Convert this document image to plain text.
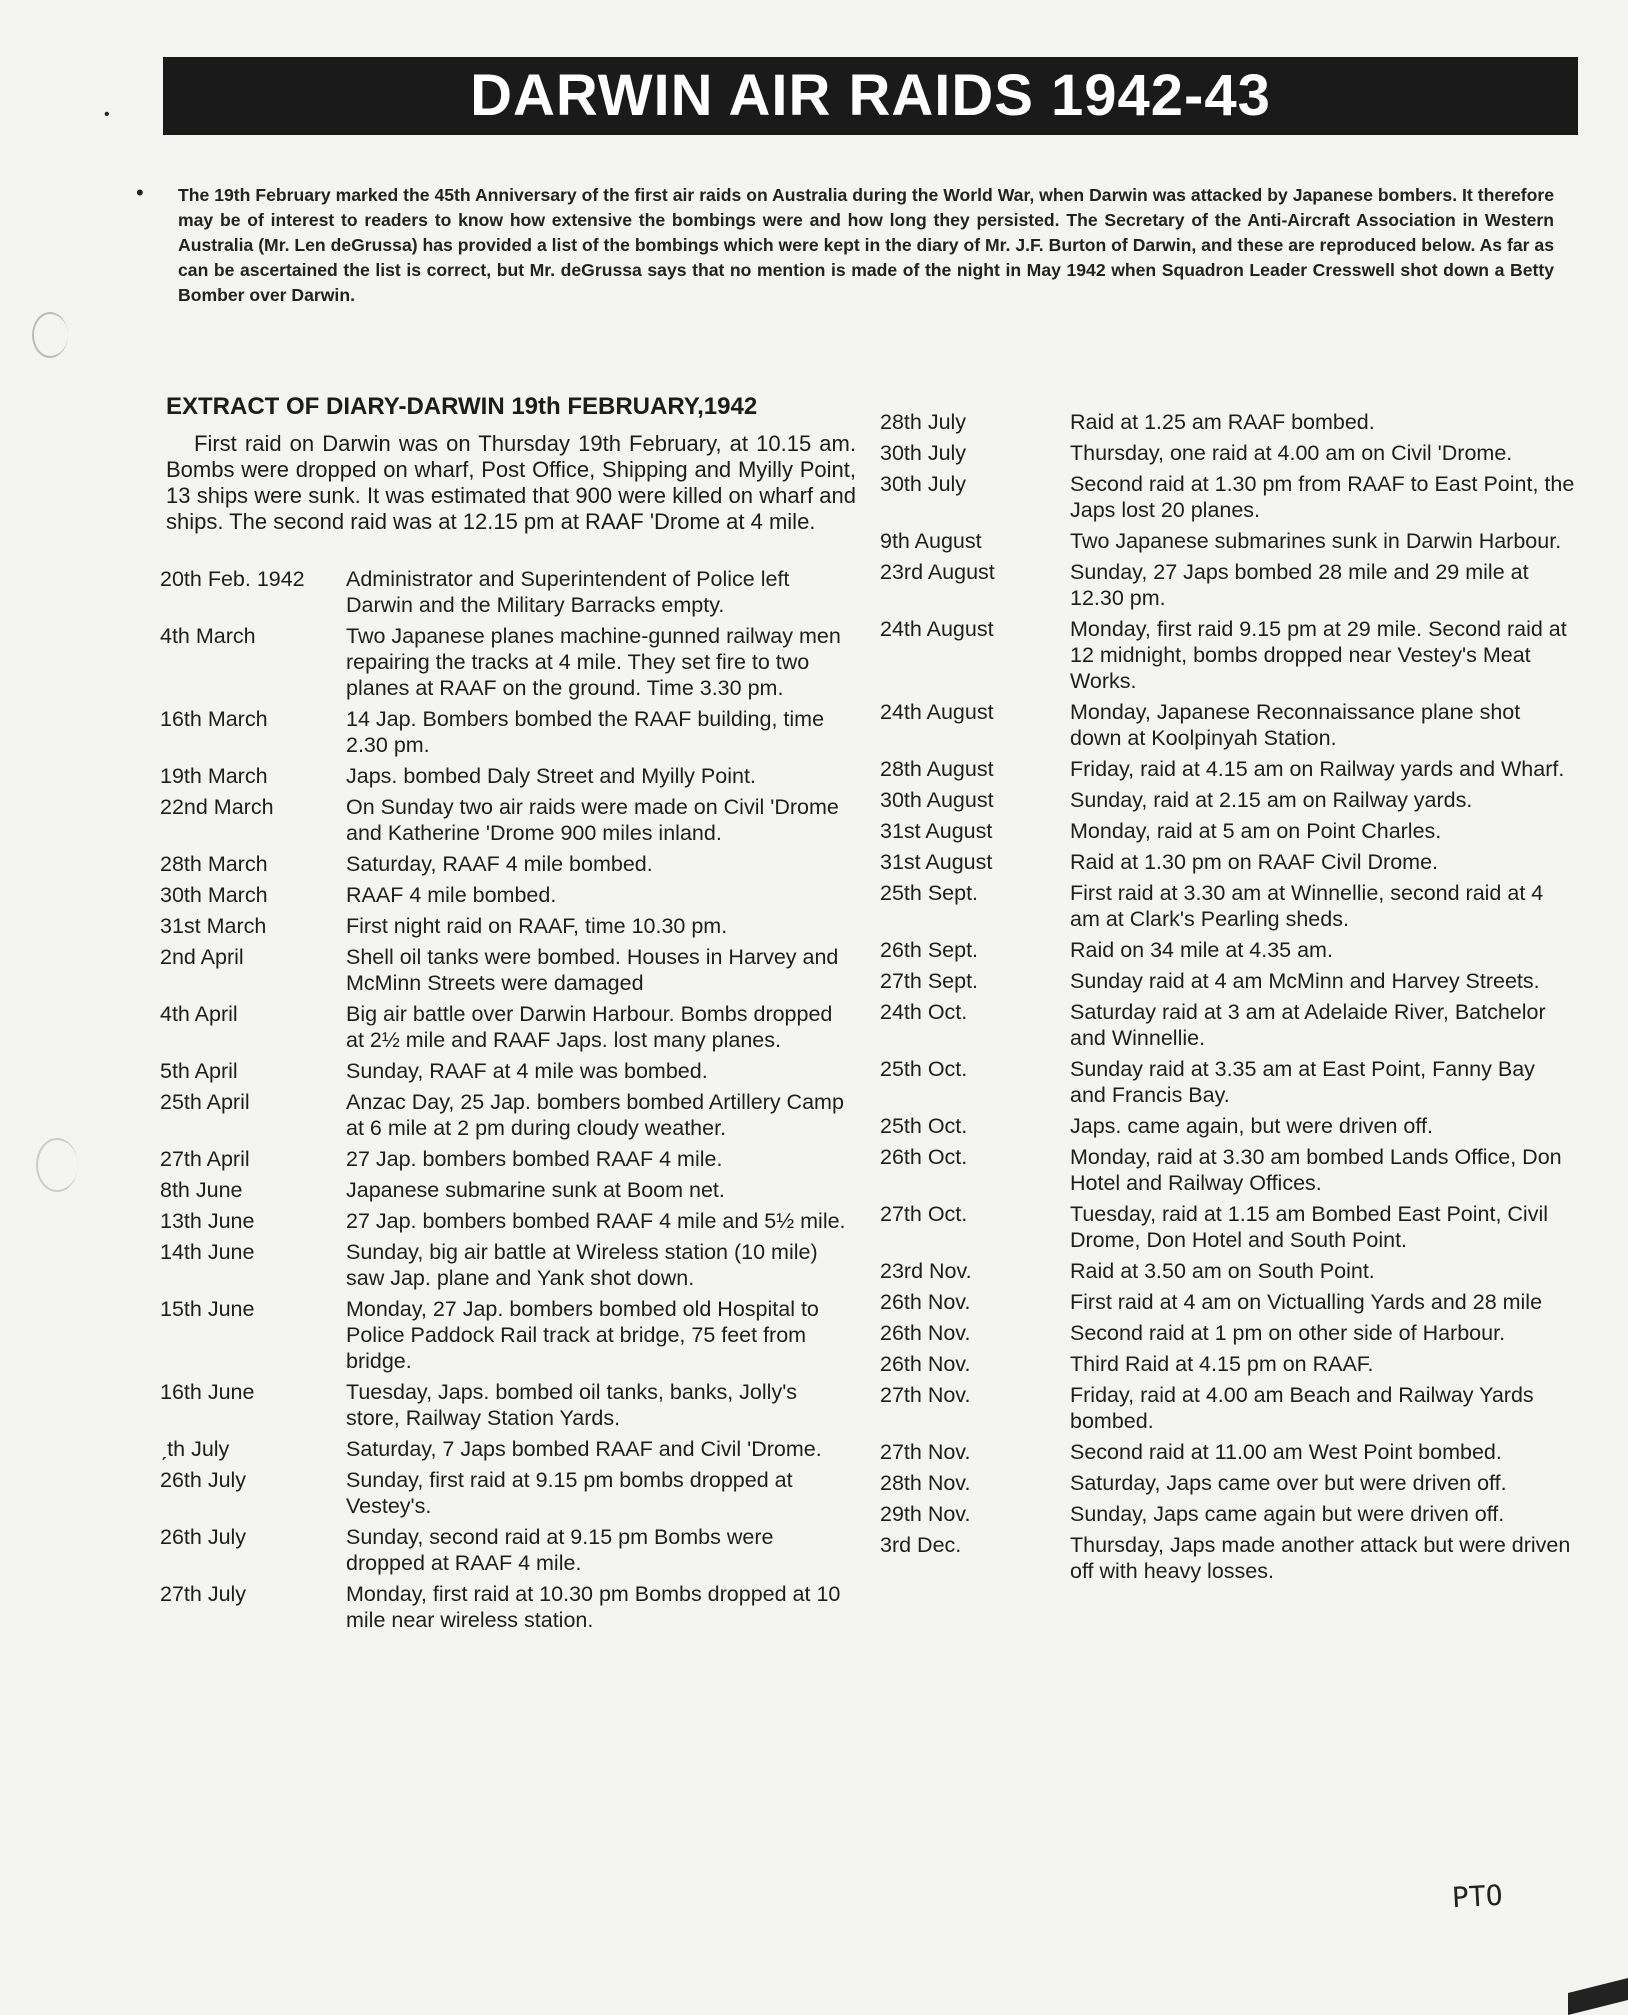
DARWIN AIR RAIDS 1942-43
•
•

The 19th February marked the 45th Anniversary of the first air raids on Australia during the World War, when Darwin was attacked by Japanese bombers. It therefore may be of interest to readers to know how extensive the bombings were and how long they persisted. The Secretary of the Anti-Aircraft Association in Western Australia (Mr. Len deGrussa) has provided a list of the bombings which were kept in the diary of Mr. J.F. Burton of Darwin, and these are reproduced below. As far as can be ascertained the list is correct, but Mr. deGrussa says that no mention is made of the night in May 1942 when Squadron Leader Cresswell shot down a Betty Bomber over Darwin.

EXTRACT OF DIARY-DARWIN 19th FEBRUARY,1942

First raid on Darwin was on Thursday 19th February, at 10.15 am. Bombs were dropped on wharf, Post Office, Shipping and Myilly Point, 13 ships were sunk. It was estimated that 900 were killed on wharf and ships. The second raid was at 12.15 pm at RAAF 'Drome at 4 mile.

20th Feb. 1942	Administrator and Superintendent of Police left Darwin and the Military Barracks empty.
4th March	Two Japanese planes machine-gunned railway men repairing the tracks at 4 mile. They set fire to two planes at RAAF on the ground. Time 3.30 pm.
16th March	14 Jap. Bombers bombed the RAAF building, time 2.30 pm.
19th March	Japs. bombed Daly Street and Myilly Point.
22nd March	On Sunday two air raids were made on Civil 'Drome and Katherine 'Drome 900 miles inland.
28th March	Saturday, RAAF 4 mile bombed.
30th March	RAAF 4 mile bombed.
31st March	First night raid on RAAF, time 10.30 pm.
2nd April	Shell oil tanks were bombed. Houses in Harvey and McMinn Streets were damaged
4th April	Big air battle over Darwin Harbour. Bombs dropped at 2½ mile and RAAF Japs. lost many planes.
5th April	Sunday, RAAF at 4 mile was bombed.
25th April	Anzac Day, 25 Jap. bombers bombed Artillery Camp at 6 mile at 2 pm during cloudy weather.
27th April	27 Jap. bombers bombed RAAF 4 mile.
8th June	Japanese submarine sunk at Boom net.
13th June	27 Jap. bombers bombed RAAF 4 mile and 5½ mile.
14th June	Sunday, big air battle at Wireless station (10 mile) saw Jap. plane and Yank shot down.
15th June	Monday, 27 Jap. bombers bombed old Hospital to Police Paddock Rail track at bridge, 75 feet from bridge.
16th June	Tuesday, Japs. bombed oil tanks, banks, Jolly's store, Railway Station Yards.
ˏth July	Saturday, 7 Japs bombed RAAF and Civil 'Drome.
26th July	Sunday, first raid at 9.15 pm bombs dropped at Vestey's.
26th July	Sunday, second raid at 9.15 pm Bombs were dropped at RAAF 4 mile.
27th July	Monday, first raid at 10.30 pm Bombs dropped at 10 mile near wireless station.
28th July	Raid at 1.25 am RAAF bombed.
30th July	Thursday, one raid at 4.00 am on Civil 'Drome.
30th July	Second raid at 1.30 pm from RAAF to East Point, the Japs lost 20 planes.
9th August	Two Japanese submarines sunk in Darwin Harbour.
23rd August	Sunday, 27 Japs bombed 28 mile and 29 mile at 12.30 pm.
24th August	Monday, first raid 9.15 pm at 29 mile. Second raid at 12 midnight, bombs dropped near Vestey's Meat Works.
24th August	Monday, Japanese Reconnaissance plane shot down at Koolpinyah Station.
28th August	Friday, raid at 4.15 am on Railway yards and Wharf.
30th August	Sunday, raid at 2.15 am on Railway yards.
31st August	Monday, raid at 5 am on Point Charles.
31st August	Raid at 1.30 pm on RAAF Civil Drome.
25th Sept.	First raid at 3.30 am at Winnellie, second raid at 4 am at Clark's Pearling sheds.
26th Sept.	Raid on 34 mile at 4.35 am.
27th Sept.	Sunday raid at 4 am McMinn and Harvey Streets.
24th Oct.	Saturday raid at 3 am at Adelaide River, Batchelor and Winnellie.
25th Oct.	Sunday raid at 3.35 am at East Point, Fanny Bay and Francis Bay.
25th Oct.	Japs. came again, but were driven off.
26th Oct.	Monday, raid at 3.30 am bombed Lands Office, Don Hotel and Railway Offices.
27th Oct.	Tuesday, raid at 1.15 am Bombed East Point, Civil Drome, Don Hotel and South Point.
23rd Nov.	Raid at 3.50 am on South Point.
26th Nov.	First raid at 4 am on Victualling Yards and 28 mile
26th Nov.	Second raid at 1 pm on other side of Harbour.
26th Nov.	Third Raid at 4.15 pm on RAAF.
27th Nov.	Friday, raid at 4.00 am Beach and Railway Yards bombed.
27th Nov.	Second raid at 11.00 am West Point bombed.
28th Nov.	Saturday, Japs came over but were driven off.
29th Nov.	Sunday, Japs came again but were driven off.
3rd Dec.	Thursday, Japs made another attack but were driven off with heavy losses.
PTO
